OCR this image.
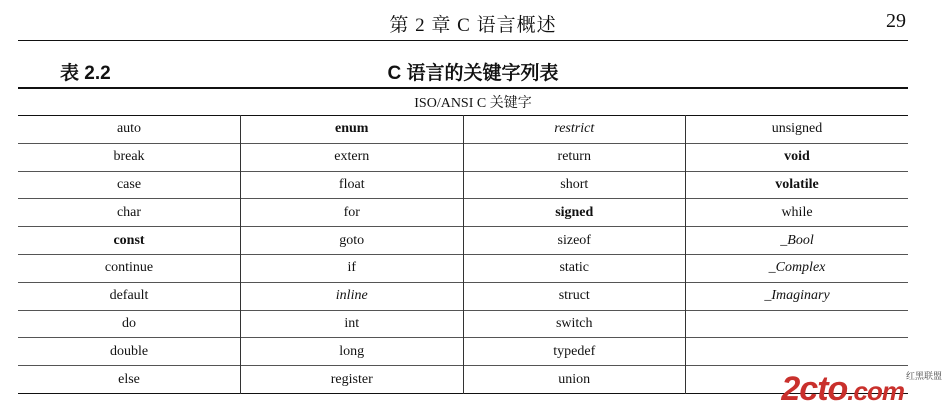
第 2 章 C 语言概述	29
表 2.2	C 语言的关键字列表
ISO/ANSI C 关键字
auto	enum	restrict	unsigned
break	extern	return	void
case	float	short	volatile
char	for	signed	while
const	goto	sizeof	_Bool
continue	if	static	_Complex
default	inline	struct	_Imaginary
do	int	switch	
double	long	typedef	
else	register	union		2cto.com 红黑联盟
